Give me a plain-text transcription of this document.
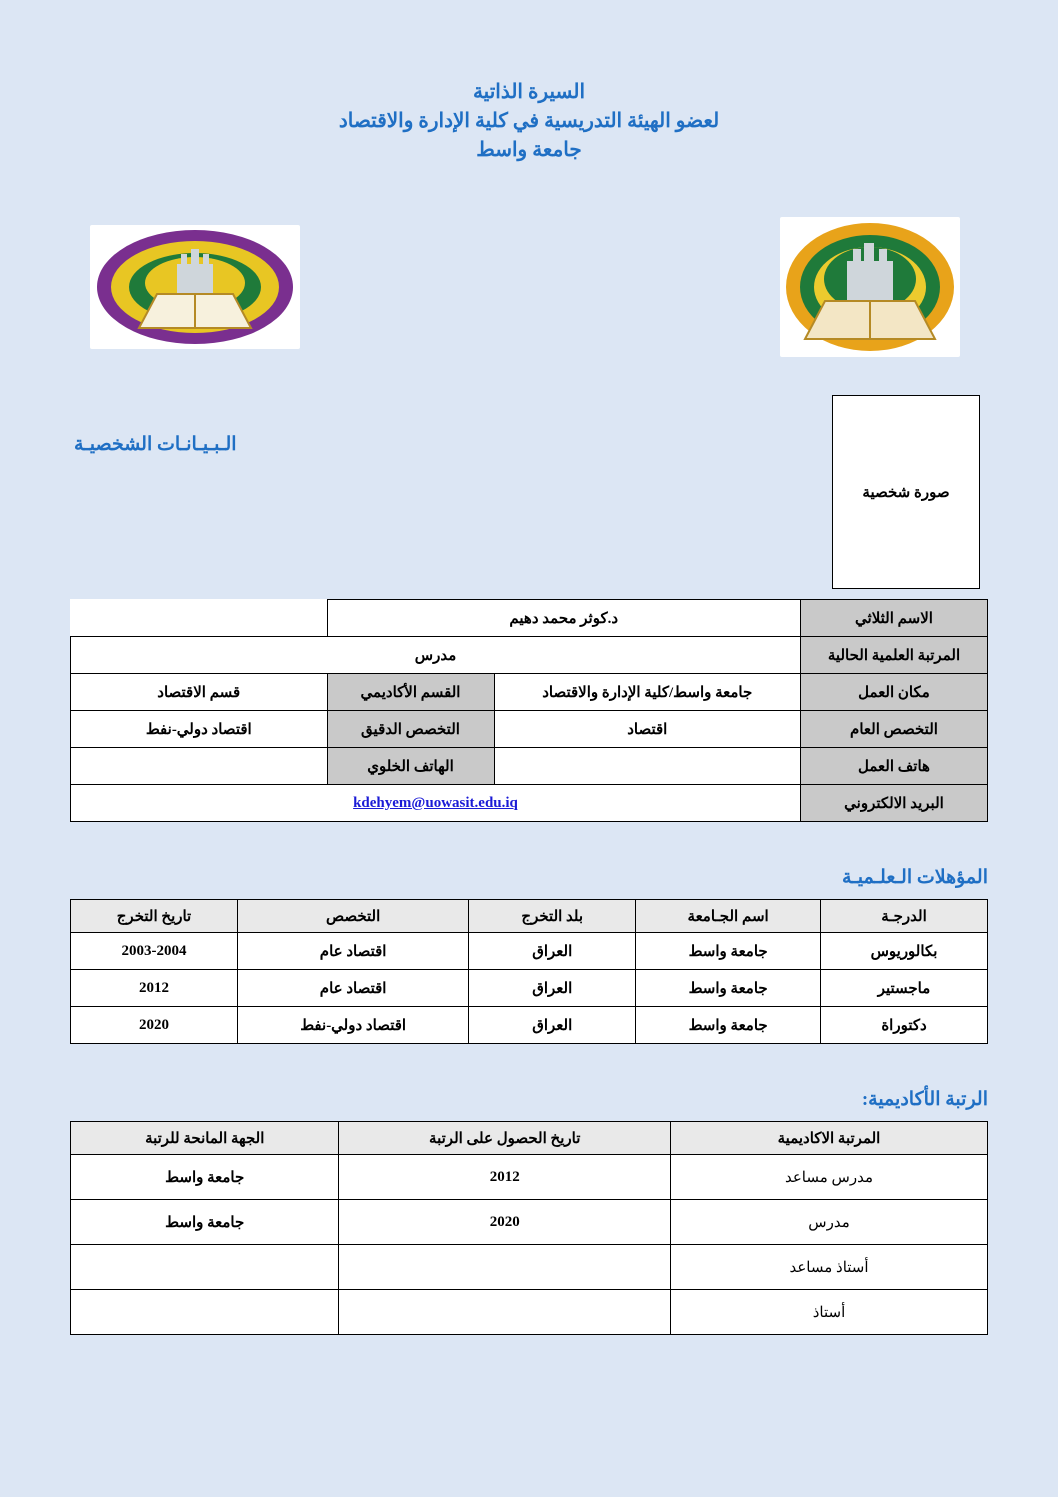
السيرة الذاتية
لعضو الهيئة التدريسية في كلية الإدارة والاقتصاد
جامعة واسط
صورة شخصية
الـبـيـانـات الشخصيـة
الاسم الثلاثي	د.كوثر محمد دهيم		
المرتبة العلمية الحالية	مدرس		
مكان العمل	جامعة واسط/كلية الإدارة والاقتصاد	القسم الأكاديمي	قسم الاقتصاد
التخصص العام	اقتصاد	التخصص الدقيق	اقتصاد دولي-نفط
هاتف العمل		الهاتف الخلوي	
البريد الالكتروني	kdehyem@uowasit.edu.iq		
المؤهلات الـعلـميـة
الدرجـة	اسم الجـامعة	بلد التخرج	التخصص	تاريخ التخرج
بكالوريوس	جامعة واسط	العراق	اقتصاد عام	2003-2004
ماجستير	جامعة واسط	العراق	اقتصاد عام	2012
دكتوراة	جامعة واسط	العراق	اقتصاد دولي-نفط	2020
الرتبة الأكاديمية:
المرتبة الاكاديمية	تاريخ الحصول على الرتبة	الجهة المانحة للرتبة
مدرس مساعد	2012	جامعة واسط
مدرس	2020	جامعة واسط
أستاذ مساعد		
أستاذ		
